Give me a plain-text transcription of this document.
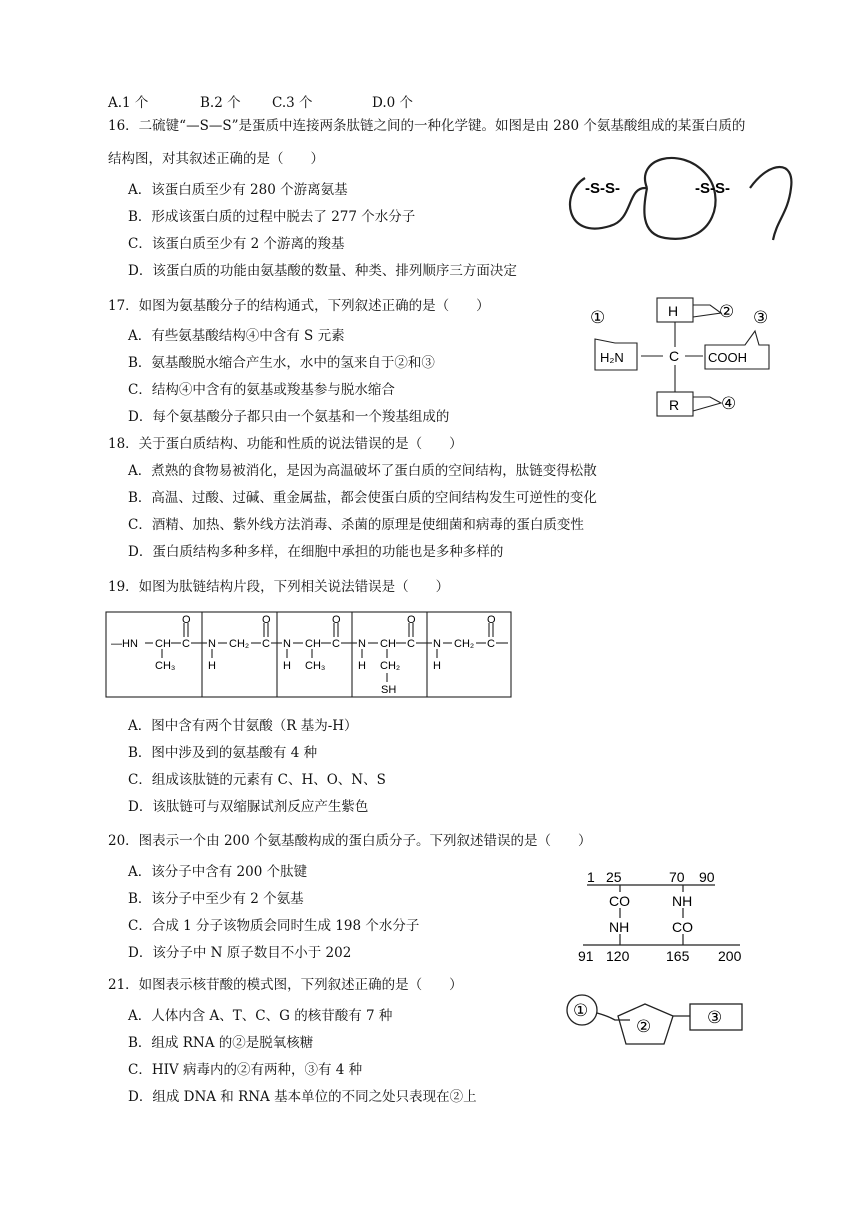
A.1 个	B.2 个 C.3 个	D.0 个
16．二硫键“—S—S”是蛋质中连接两条肽链之间的一种化学键。如图是由 280 个氨基酸组成的某蛋白质的
结构图，对其叙述正确的是（　　）
A．该蛋白质至少有 280 个游离氨基
B．形成该蛋白质的过程中脱去了 277 个水分子
C．该蛋白质至少有 2 个游离的羧基
D．该蛋白质的功能由氨基酸的数量、种类、排列顺序三方面决定
-S-S-	-S-S-
17．如图为氨基酸分子的结构通式，下列叙述正确的是（　　）
A．有些氨基酸结构④中含有 S 元素
B．氨基酸脱水缩合产生水，水中的氢来自于②和③
C．结构④中含有的氨基或羧基参与脱水缩合
D．每个氨基酸分子都只由一个氨基和一个羧基组成的
H
C
R
H₂N	COOH
①	② ③
④
18．关于蛋白质结构、功能和性质的说法错误的是（　　）
A．煮熟的食物易被消化，是因为高温破坏了蛋白质的空间结构，肽链变得松散
B．高温、过酸、过碱、重金属盐，都会使蛋白质的空间结构发生可逆性的变化
C．酒精、加热、紫外线方法消毒、杀菌的原理是使细菌和病毒的蛋白质变性
D．蛋白质结构多种多样，在细胞中承担的功能也是多种多样的
19．如图为肽链结构片段，下列相关说法错误是（　　）
O	O	O	O	O
—HN CH C N CH₂ C N CH C N CH C N CH₂ C
CH₃	H	H CH₃	H CH₂
SH
H
A．图中含有两个甘氨酸（R 基为-H）
B．图中涉及到的氨基酸有 4 种
C．组成该肽链的元素有 C、H、O、N、S
D．该肽链可与双缩脲试剂反应产生紫色
20．图表示一个由 200 个氨基酸构成的蛋白质分子。下列叙述错误的是（　　）
A．该分子中含有 200 个肽键
B．该分子中至少有 2 个氨基
C．合成 1 分子该物质会同时生成 198 个水分子
D．该分子中 N 原子数目不小于 202
1 25	70 90
CO
NH
NH
CO
91 120	165 200
21．如图表示核苷酸的模式图，下列叙述正确的是（　　）
A．人体内含 A、T、C、G 的核苷酸有 7 种
B．组成 RNA 的②是脱氧核糖
C．HIV 病毒内的②有两种，③有 4 种
D．组成 DNA 和 RNA 基本单位的不同之处只表现在②上
①
②	③
